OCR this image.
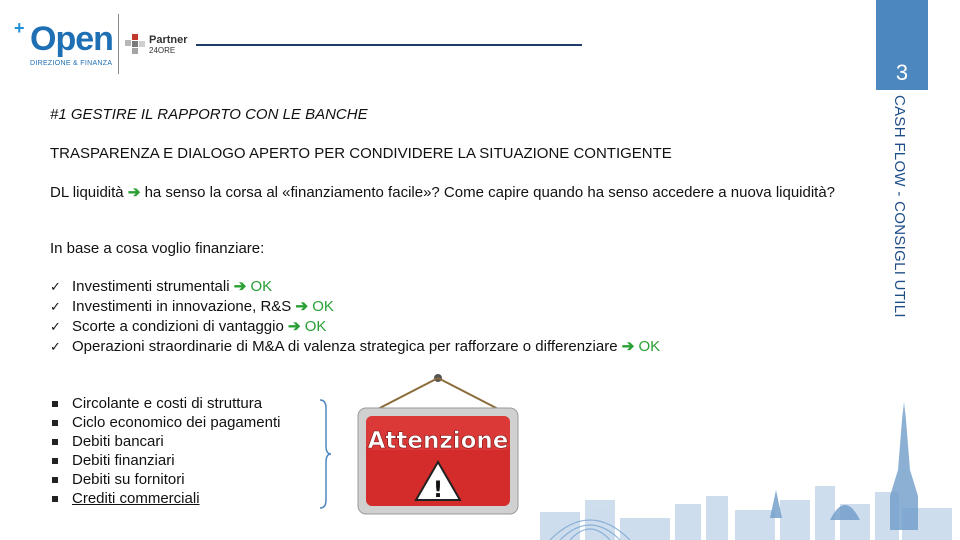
+ Open
DIREZIONE & FINANZA
Partner
24ORE
3
CASH FLOW - CONSIGLI UTILI
#1 GESTIRE IL RAPPORTO CON LE BANCHE
TRASPARENZA E DIALOGO APERTO PER CONDIVIDERE LA SITUAZIONE CONTIGENTE
DL liquidità ➔ ha senso la corsa al «finanziamento facile»? Come capire quando ha senso accedere a nuova liquidità?
In base a cosa voglio finanziare:
✓ Investimenti strumentali ➔ OK
✓ Investimenti in innovazione, R&S ➔ OK
✓ Scorte a condizioni di vantaggio ➔ OK
✓ Operazioni straordinarie di M&A di valenza strategica per rafforzare o differenziare ➔ OK
Circolante e costi di struttura
Ciclo economico dei pagamenti
Debiti bancari
Debiti finanziari
Debiti su fornitori
Crediti commerciali
Attenzione
!
